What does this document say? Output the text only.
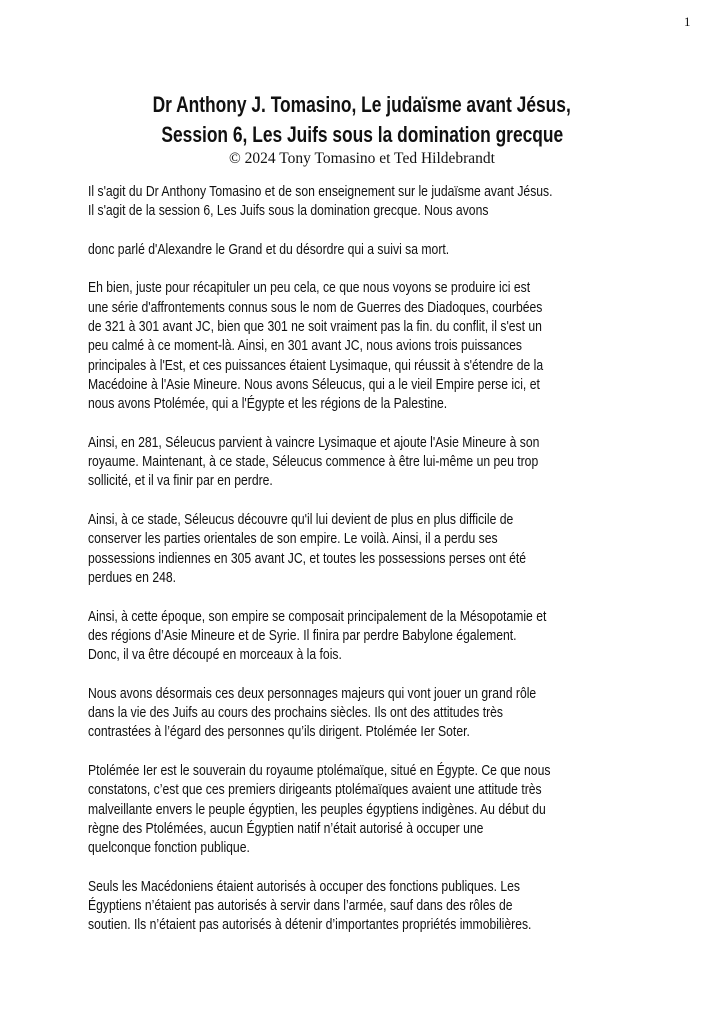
1
Dr Anthony J. Tomasino, Le judaïsme avant Jésus,
Session 6, Les Juifs sous la domination grecque
© 2024 Tony Tomasino et Ted Hildebrandt
Il s'agit du Dr Anthony Tomasino et de son enseignement sur le judaïsme avant Jésus.
Il s'agit de la session 6, Les Juifs sous la domination grecque. Nous avons
donc parlé d'Alexandre le Grand et du désordre qui a suivi sa mort.
Eh bien, juste pour récapituler un peu cela, ce que nous voyons se produire ici est
une série d'affrontements connus sous le nom de Guerres des Diadoques, courbées
de 321 à 301 avant JC, bien que 301 ne soit vraiment pas la fin. du conflit, il s'est un
peu calmé à ce moment-là. Ainsi, en 301 avant JC, nous avions trois puissances
principales à l'Est, et ces puissances étaient Lysimaque, qui réussit à s'étendre de la
Macédoine à l'Asie Mineure. Nous avons Séleucus, qui a le vieil Empire perse ici, et
nous avons Ptolémée, qui a l'Égypte et les régions de la Palestine.
Ainsi, en 281, Séleucus parvient à vaincre Lysimaque et ajoute l'Asie Mineure à son
royaume. Maintenant, à ce stade, Séleucus commence à être lui-même un peu trop
sollicité, et il va finir par en perdre.
Ainsi, à ce stade, Séleucus découvre qu'il lui devient de plus en plus difficile de
conserver les parties orientales de son empire. Le voilà. Ainsi, il a perdu ses
possessions indiennes en 305 avant JC, et toutes les possessions perses ont été
perdues en 248.
Ainsi, à cette époque, son empire se composait principalement de la Mésopotamie et
des régions d’Asie Mineure et de Syrie. Il finira par perdre Babylone également.
Donc, il va être découpé en morceaux à la fois.
Nous avons désormais ces deux personnages majeurs qui vont jouer un grand rôle
dans la vie des Juifs au cours des prochains siècles. Ils ont des attitudes très
contrastées à l’égard des personnes qu’ils dirigent. Ptolémée Ier Soter.
Ptolémée Ier est le souverain du royaume ptolémaïque, situé en Égypte. Ce que nous
constatons, c’est que ces premiers dirigeants ptolémaïques avaient une attitude très
malveillante envers le peuple égyptien, les peuples égyptiens indigènes. Au début du
règne des Ptolémées, aucun Égyptien natif n’était autorisé à occuper une
quelconque fonction publique.
Seuls les Macédoniens étaient autorisés à occuper des fonctions publiques. Les
Égyptiens n’étaient pas autorisés à servir dans l’armée, sauf dans des rôles de
soutien. Ils n’étaient pas autorisés à détenir d’importantes propriétés immobilières.
